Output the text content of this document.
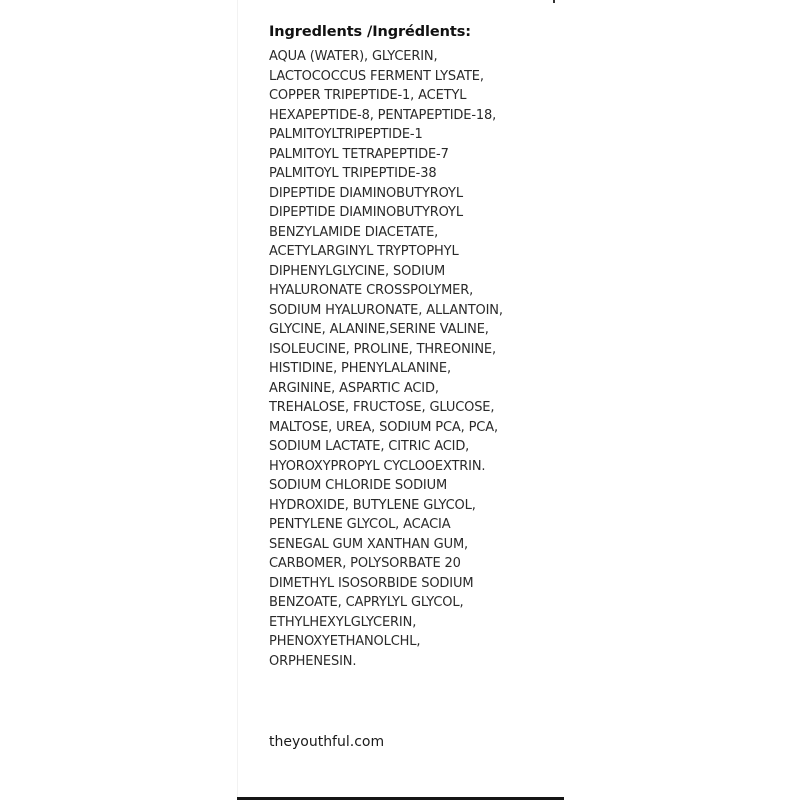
Ingredlents /Ingrédlents:
AQUA (WATER), GLYCERIN,
LACTOCOCCUS FERMENT LYSATE,
COPPER TRIPEPTIDE-1, ACETYL
HEXAPEPTIDE-8, PENTAPEPTIDE-18,
PALMITOYLTRIPEPTIDE-1
PALMITOYL TETRAPEPTIDE-7
PALMITOYL TRIPEPTIDE-38
DIPEPTIDE DIAMINOBUTYROYL
DIPEPTIDE DIAMINOBUTYROYL
BENZYLAMIDE DIACETATE,
ACETYLARGINYL TRYPTOPHYL
DIPHENYLGLYCINE, SODIUM
HYALURONATE CROSSPOLYMER,
SODIUM HYALURONATE, ALLANTOIN,
GLYCINE, ALANINE,SERINE VALINE,
ISOLEUCINE, PROLINE, THREONINE,
HISTIDINE, PHENYLALANINE,
ARGININE, ASPARTIC ACID,
TREHALOSE, FRUCTOSE, GLUCOSE,
MALTOSE, UREA, SODIUM PCA, PCA,
SODIUM LACTATE, CITRIC ACID,
HYOROXYPROPYL CYCLOOEXTRIN.
SODIUM CHLORIDE SODIUM
HYDROXIDE, BUTYLENE GLYCOL,
PENTYLENE GLYCOL, ACACIA
SENEGAL GUM XANTHAN GUM,
CARBOMER, POLYSORBATE 20
DIMETHYL ISOSORBIDE SODIUM
BENZOATE, CAPRYLYL GLYCOL,
ETHYLHEXYLGLYCERIN,
PHENOXYETHANOLCHL,
ORPHENESIN.
theyouthful.com
